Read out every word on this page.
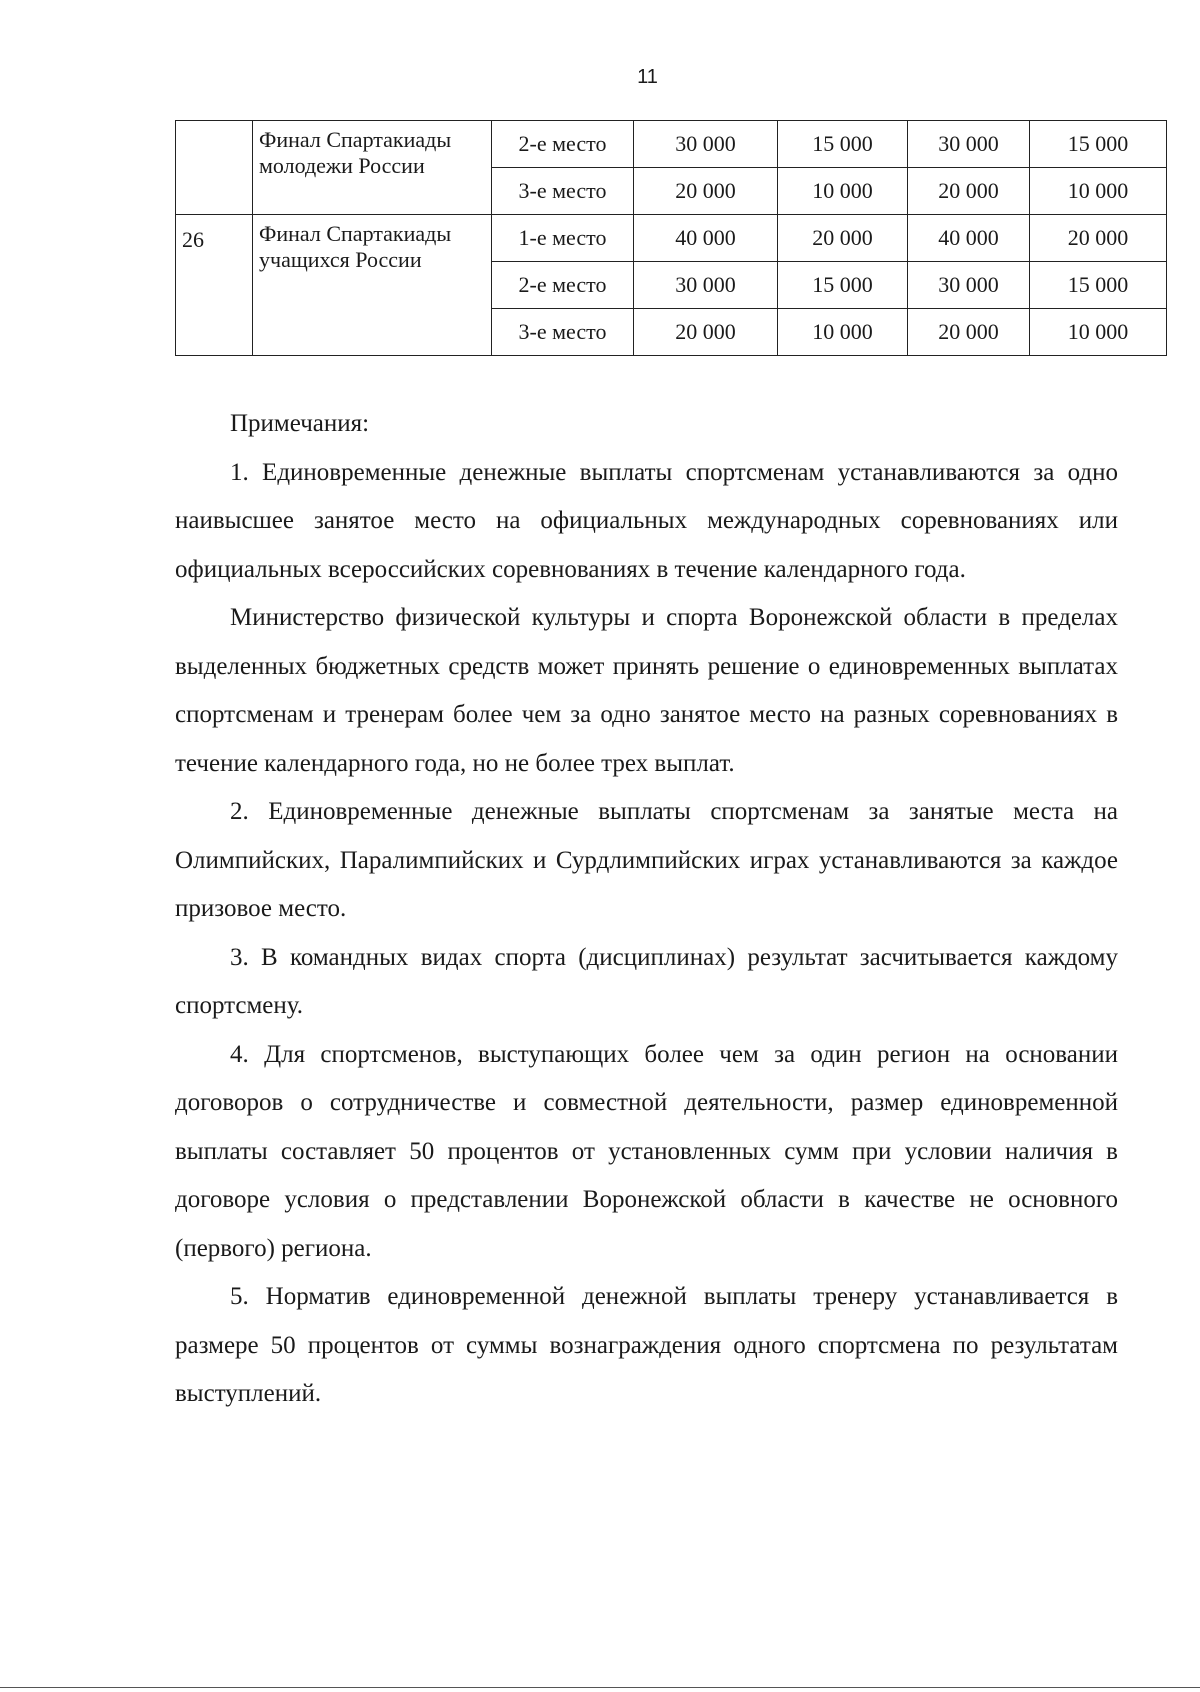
11
	Финал Спартакиады молодежи России	2-е место	30 000	15 000	30 000	15 000
		3-е место	20 000	10 000	20 000	10 000
26	Финал Спартакиады учащихся России	1-е место	40 000	20 000	40 000	20 000
		2-е место	30 000	15 000	30 000	15 000
		3-е место	20 000	10 000	20 000	10 000
Примечания:

1. Единовременные денежные выплаты спортсменам устанавливаются за одно наивысшее занятое место на официальных международных соревнованиях или официальных всероссийских соревнованиях в течение календарного года.

Министерство физической культуры и спорта Воронежской области в пределах выделенных бюджетных средств может принять решение о единовременных выплатах спортсменам и тренерам более чем за одно занятое место на разных соревнованиях в течение календарного года, но не более трех выплат.

2. Единовременные денежные выплаты спортсменам за занятые места на Олимпийских, Паралимпийских и Сурдлимпийских играх устанавливаются за каждое призовое место.

3. В командных видах спорта (дисциплинах) результат засчитывается каждому спортсмену.

4. Для спортсменов, выступающих более чем за один регион на основании договоров о сотрудничестве и совместной деятельности, размер единовременной выплаты составляет 50 процентов от установленных сумм при условии наличия в договоре условия о представлении Воронежской области в качестве не основного (первого) региона.

5. Норматив единовременной денежной выплаты тренеру устанавливается в размере 50 процентов от суммы вознаграждения одного спортсмена по результатам выступлений.
